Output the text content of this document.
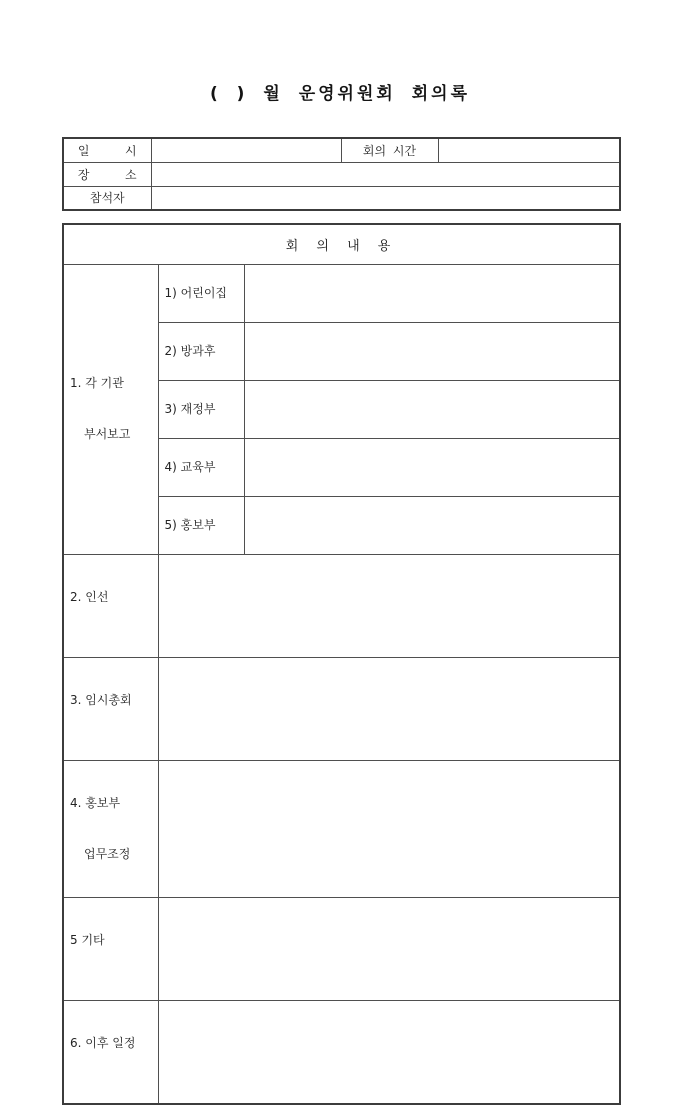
( ) 월 운영위원회 회의록
일  시		회의 시간	
장  소			
참석자			
회 의 내 용		

1. 각 기관

부서보고	1) 어린이집	
	2) 방과후	
	3) 재정부	
	4) 교육부	
	5) 홍보부	

2. 인선		

3. 임시총회		

4. 홍보부

업무조정		

5 기타		

6. 이후 일정		
